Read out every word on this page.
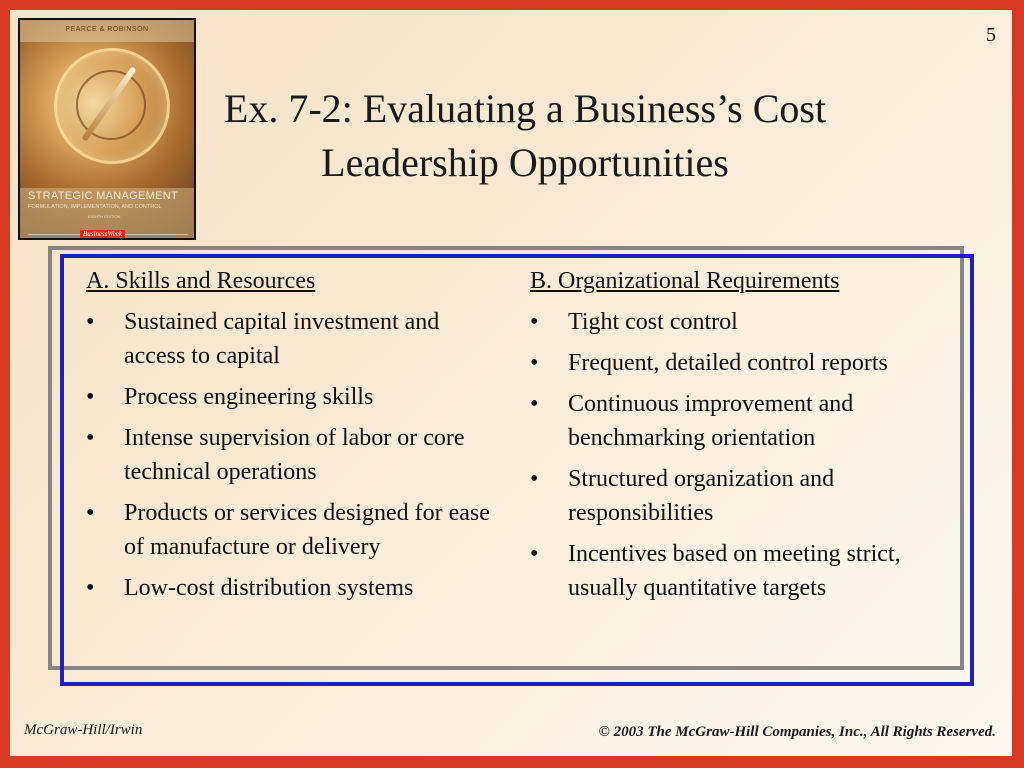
5
PEARCE & ROBINSON
STRATEGIC MANAGEMENT
FORMULATION, IMPLEMENTATION, AND CONTROL
EIGHTH EDITION
BusinessWeek
Ex. 7-2: Evaluating a Business’s Cost
Leadership Opportunities
A. Skills and Resources
• Sustained capital investment and access to capital
• Process engineering skills
• Intense supervision of labor or core technical operations
• Products or services designed for ease of manufacture or delivery
• Low-cost distribution systems
B. Organizational Requirements
• Tight cost control
• Frequent, detailed control reports
• Continuous improvement and benchmarking orientation
• Structured organization and responsibilities
• Incentives based on meeting strict, usually quantitative targets
McGraw-Hill/Irwin	© 2003 The McGraw-Hill Companies, Inc., All Rights Reserved.
